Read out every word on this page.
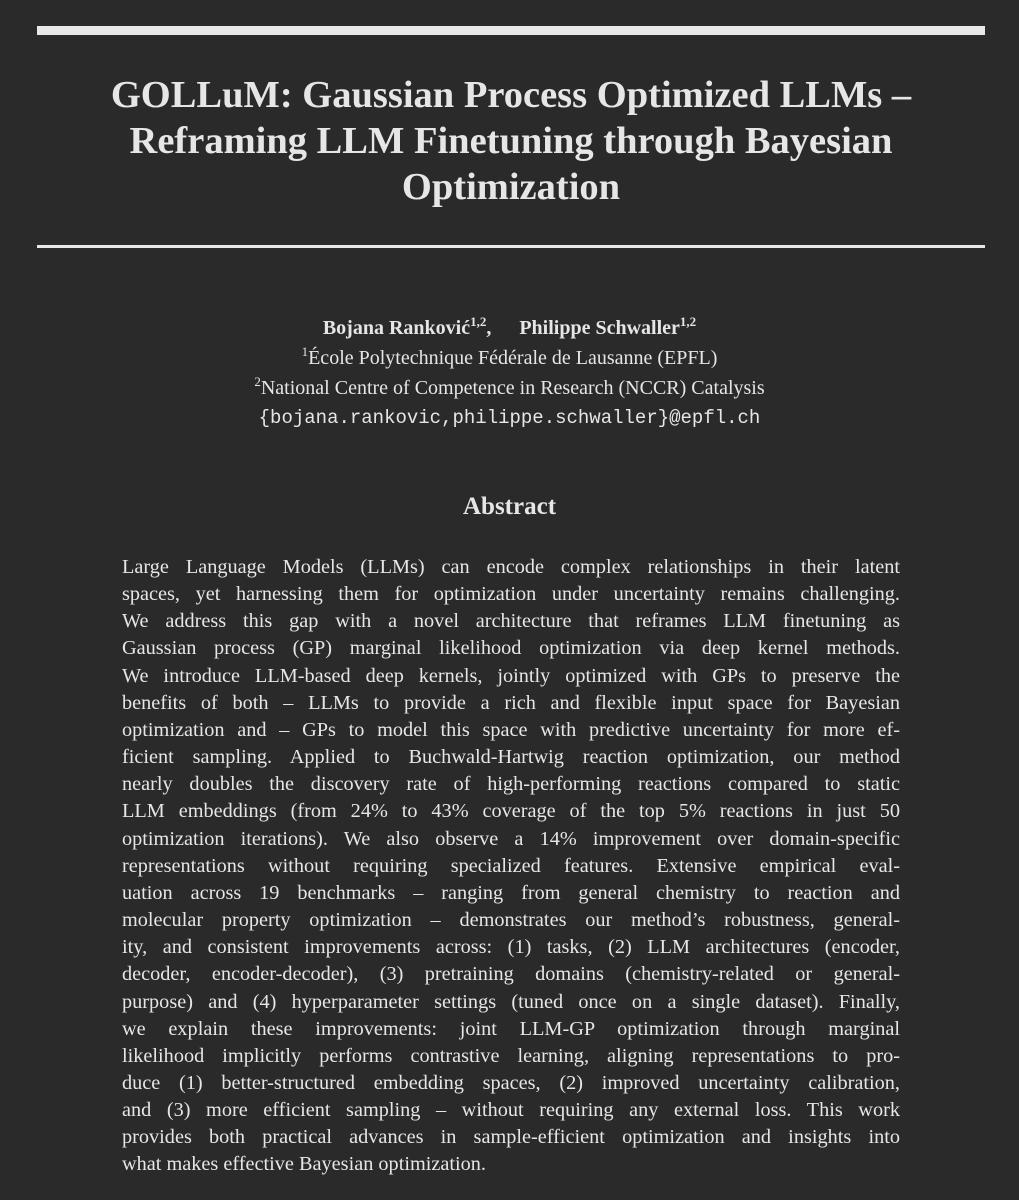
GOLLuM: Gaussian Process Optimized LLMs –
Reframing LLM Finetuning through Bayesian
Optimization
Bojana Ranković$^{1,2}$, Philippe Schwaller$^{1,2}$
$^1$École Polytechnique Fédérale de Lausanne (EPFL)
$^2$National Centre of Competence in Research (NCCR) Catalysis
{bojana.rankovic,philippe.schwaller}@epfl.ch
Abstract
Large Language Models (LLMs) can encode complex relationships in their latent
spaces, yet harnessing them for optimization under uncertainty remains challenging.
We address this gap with a novel architecture that reframes LLM finetuning as
Gaussian process (GP) marginal likelihood optimization via deep kernel methods.
We introduce LLM-based deep kernels, jointly optimized with GPs to preserve the
benefits of both – LLMs to provide a rich and flexible input space for Bayesian
optimization and – GPs to model this space with predictive uncertainty for more ef-
ficient sampling. Applied to Buchwald-Hartwig reaction optimization, our method
nearly doubles the discovery rate of high-performing reactions compared to static
LLM embeddings (from 24% to 43% coverage of the top 5% reactions in just 50
optimization iterations). We also observe a 14% improvement over domain-specific
representations without requiring specialized features. Extensive empirical eval-
uation across 19 benchmarks – ranging from general chemistry to reaction and
molecular property optimization – demonstrates our method’s robustness, general-
ity, and consistent improvements across: (1) tasks, (2) LLM architectures (encoder,
decoder, encoder-decoder), (3) pretraining domains (chemistry-related or general-
purpose) and (4) hyperparameter settings (tuned once on a single dataset). Finally,
we explain these improvements: joint LLM-GP optimization through marginal
likelihood implicitly performs contrastive learning, aligning representations to pro-
duce (1) better-structured embedding spaces, (2) improved uncertainty calibration,
and (3) more efficient sampling – without requiring any external loss. This work
provides both practical advances in sample-efficient optimization and insights into
what makes effective Bayesian optimization.
